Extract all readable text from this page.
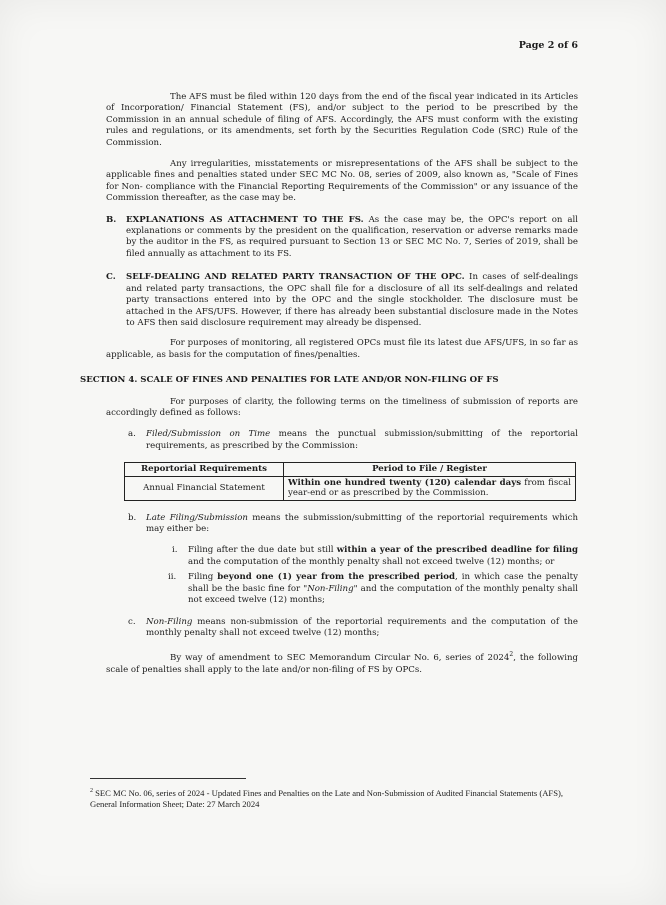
Page 2 of 6

The AFS must be filed within 120 days from the end of the fiscal year indicated in its Articles of Incorporation/ Financial Statement (FS), and/or subject to the period to be prescribed by the Commission in an annual schedule of filing of AFS. Accordingly, the AFS must conform with the existing rules and regulations, or its amendments, set forth by the Securities Regulation Code (SRC) Rule of the Commission.

Any irregularities, misstatements or misrepresentations of the AFS shall be subject to the applicable fines and penalties stated under SEC MC No. 08, series of 2009, also known as, "Scale of Fines for Non- compliance with the Financial Reporting Requirements of the Commission" or any issuance of the Commission thereafter, as the case may be.

B. EXPLANATIONS AS ATTACHMENT TO THE FS. As the case may be, the OPC's report on all explanations or comments by the president on the qualification, reservation or adverse remarks made by the auditor in the FS, as required pursuant to Section 13 or SEC MC No. 7, Series of 2019, shall be filed annually as attachment to its FS.

C. SELF-DEALING AND RELATED PARTY TRANSACTION OF THE OPC. In cases of self-dealings and related party transactions, the OPC shall file for a disclosure of all its self-dealings and related party transactions entered into by the OPC and the single stockholder. The disclosure must be attached in the AFS/UFS. However, if there has already been substantial disclosure made in the Notes to AFS then said disclosure requirement may already be dispensed.

For purposes of monitoring, all registered OPCs must file its latest due AFS/UFS, in so far as applicable, as basis for the computation of fines/penalties.

SECTION 4. SCALE OF FINES AND PENALTIES FOR LATE AND/OR NON-FILING OF FS

For purposes of clarity, the following terms on the timeliness of submission of reports are accordingly defined as follows:

a. Filed/Submission on Time means the punctual submission/submitting of the reportorial requirements, as prescribed by the Commission:
Reportorial Requirements	Period to File / Register
Annual Financial Statement	Within one hundred twenty (120) calendar days from fiscal year-end or as prescribed by the Commission.
b. Late Filing/Submission means the submission/submitting of the reportorial requirements which may either be:
i. Filing after the due date but still within a year of the prescribed deadline for filing and the computation of the monthly penalty shall not exceed twelve (12) months; or
ii. Filing beyond one (1) year from the prescribed period, in which case the penalty shall be the basic fine for "Non-Filing" and the computation of the monthly penalty shall not exceed twelve (12) months;
c. Non-Filing means non-submission of the reportorial requirements and the computation of the monthly penalty shall not exceed twelve (12) months;

By way of amendment to SEC Memorandum Circular No. 6, series of 2024$^2$, the following scale of penalties shall apply to the late and/or non-filing of FS by OPCs.

$^2$ SEC MC No. 06, series of 2024 - Updated Fines and Penalties on the Late and Non-Submission of Audited Financial Statements (AFS), General Information Sheet; Date: 27 March 2024
